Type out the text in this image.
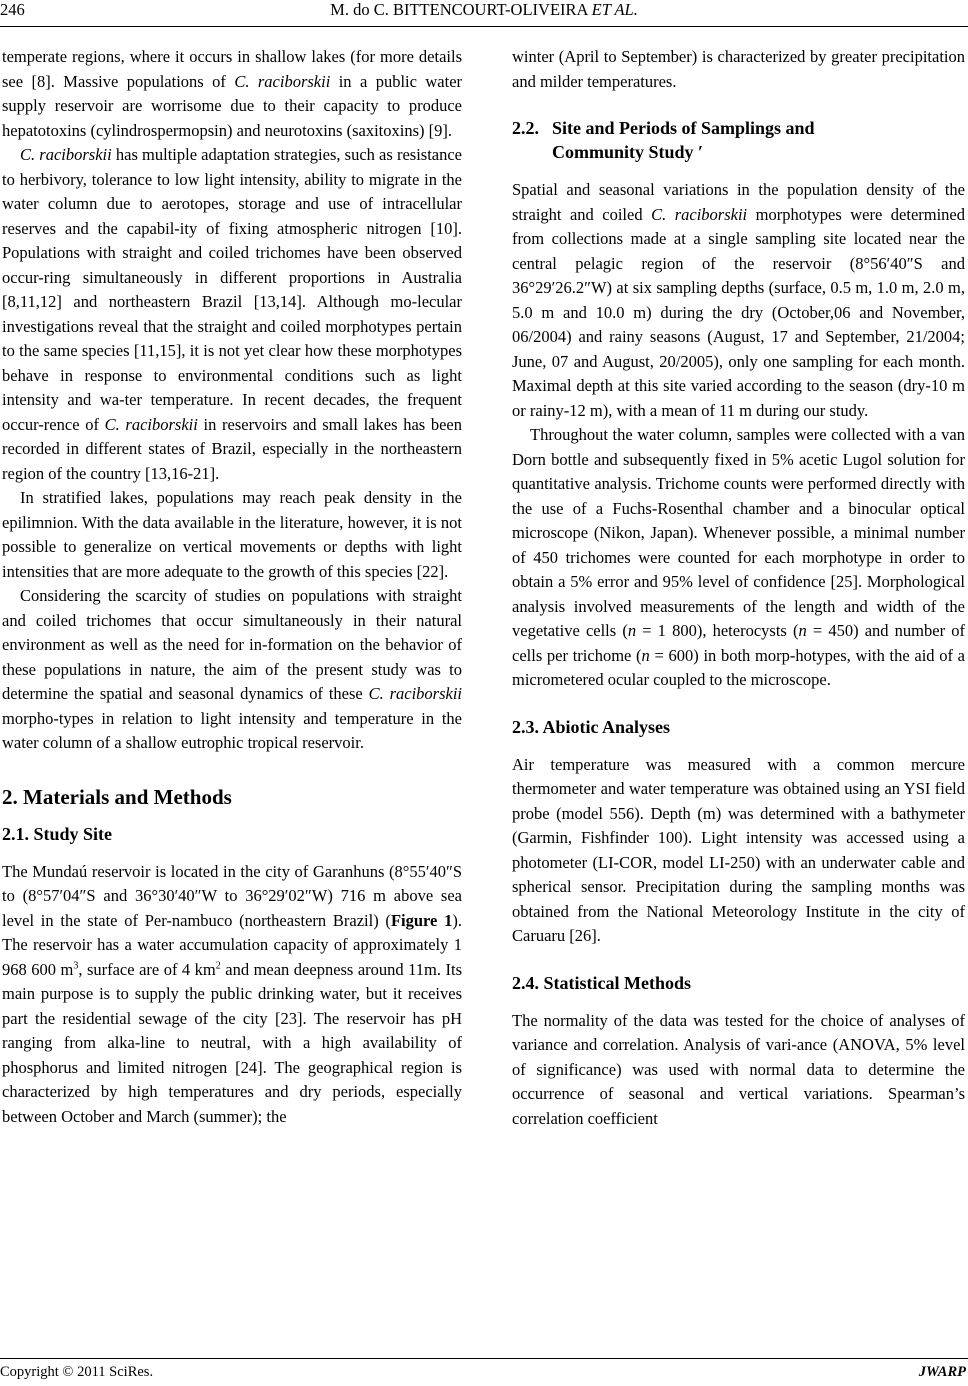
246	M. do C. BITTENCOURT-OLIVEIRA ET AL.

temperate regions, where it occurs in shallow lakes (for more details see [8]. Massive populations of C. raciborskii in a public water supply reservoir are worrisome due to their capacity to produce hepatotoxins (cylindrospermopsin) and neurotoxins (saxitoxins) [9].

C. raciborskii has multiple adaptation strategies, such as resistance to herbivory, tolerance to low light intensity, ability to migrate in the water column due to aerotopes, storage and use of intracellular reserves and the capabil-ity of fixing atmospheric nitrogen [10]. Populations with straight and coiled trichomes have been observed occur-ring simultaneously in different proportions in Australia [8,11,12] and northeastern Brazil [13,14]. Although mo-lecular investigations reveal that the straight and coiled morphotypes pertain to the same species [11,15], it is not yet clear how these morphotypes behave in response to environmental conditions such as light intensity and wa-ter temperature. In recent decades, the frequent occur-rence of C. raciborskii in reservoirs and small lakes has been recorded in different states of Brazil, especially in the northeastern region of the country [13,16-21].

In stratified lakes, populations may reach peak density in the epilimnion. With the data available in the literature, however, it is not possible to generalize on vertical movements or depths with light intensities that are more adequate to the growth of this species [22].

Considering the scarcity of studies on populations with straight and coiled trichomes that occur simultaneously in their natural environment as well as the need for in-formation on the behavior of these populations in nature, the aim of the present study was to determine the spatial and seasonal dynamics of these C. raciborskii morpho-types in relation to light intensity and temperature in the water column of a shallow eutrophic tropical reservoir.

2. Materials and Methods
2.1. Study Site

The Mundaú reservoir is located in the city of Garanhuns (8°55′40″S to (8°57′04″S and 36°30′40″W to 36°29′02″W) 716 m above sea level in the state of Per-nambuco (northeastern Brazil) (Figure 1). The reservoir has a water accumulation capacity of approximately 1 968 600 $m^3$, surface are of 4 $km^2$ and mean deepness around 11m. Its main purpose is to supply the public drinking water, but it receives part the residential sewage of the city [23]. The reservoir has pH ranging from alka-line to neutral, with a high availability of phosphorus and limited nitrogen [24]. The geographical region is characterized by high temperatures and dry periods, especially between October and March (summer); the

winter (April to September) is characterized by greater precipitation and milder temperatures.

2.2. Site and Periods of Samplings and
Community Study ′

Spatial and seasonal variations in the population density of the straight and coiled C. raciborskii morphotypes were determined from collections made at a single sampling site located near the central pelagic region of the reservoir (8°56′40″S and 36°29′26.2″W) at six sampling depths (surface, 0.5 m, 1.0 m, 2.0 m, 5.0 m and 10.0 m) during the dry (October,06 and November, 06/2004) and rainy seasons (August, 17 and September, 21/2004; June, 07 and August, 20/2005), only one sampling for each month. Maximal depth at this site varied according to the season (dry-10 m or rainy-12 m), with a mean of 11 m during our study.

Throughout the water column, samples were collected with a van Dorn bottle and subsequently fixed in 5% acetic Lugol solution for quantitative analysis. Trichome counts were performed directly with the use of a Fuchs-Rosenthal chamber and a binocular optical microscope (Nikon, Japan). Whenever possible, a minimal number of 450 trichomes were counted for each morphotype in order to obtain a 5% error and 95% level of confidence [25]. Morphological analysis involved measurements of the length and width of the vegetative cells (n = 1 800), heterocysts (n = 450) and number of cells per trichome (n = 600) in both morp-hotypes, with the aid of a micrometered ocular coupled to the microscope.

2.3. Abiotic Analyses

Air temperature was measured with a common mercure thermometer and water temperature was obtained using an YSI field probe (model 556). Depth (m) was determined with a bathymeter (Garmin, Fishfinder 100). Light intensity was accessed using a photometer (LI-COR, model LI-250) with an underwater cable and spherical sensor. Precipitation during the sampling months was obtained from the National Meteorology Institute in the city of Caruaru [26].

2.4. Statistical Methods

The normality of the data was tested for the choice of analyses of variance and correlation. Analysis of vari-ance (ANOVA, 5% level of significance) was used with normal data to determine the occurrence of seasonal and vertical variations. Spearman’s correlation coefficient

Copyright © 2011 SciRes.	JWARP
